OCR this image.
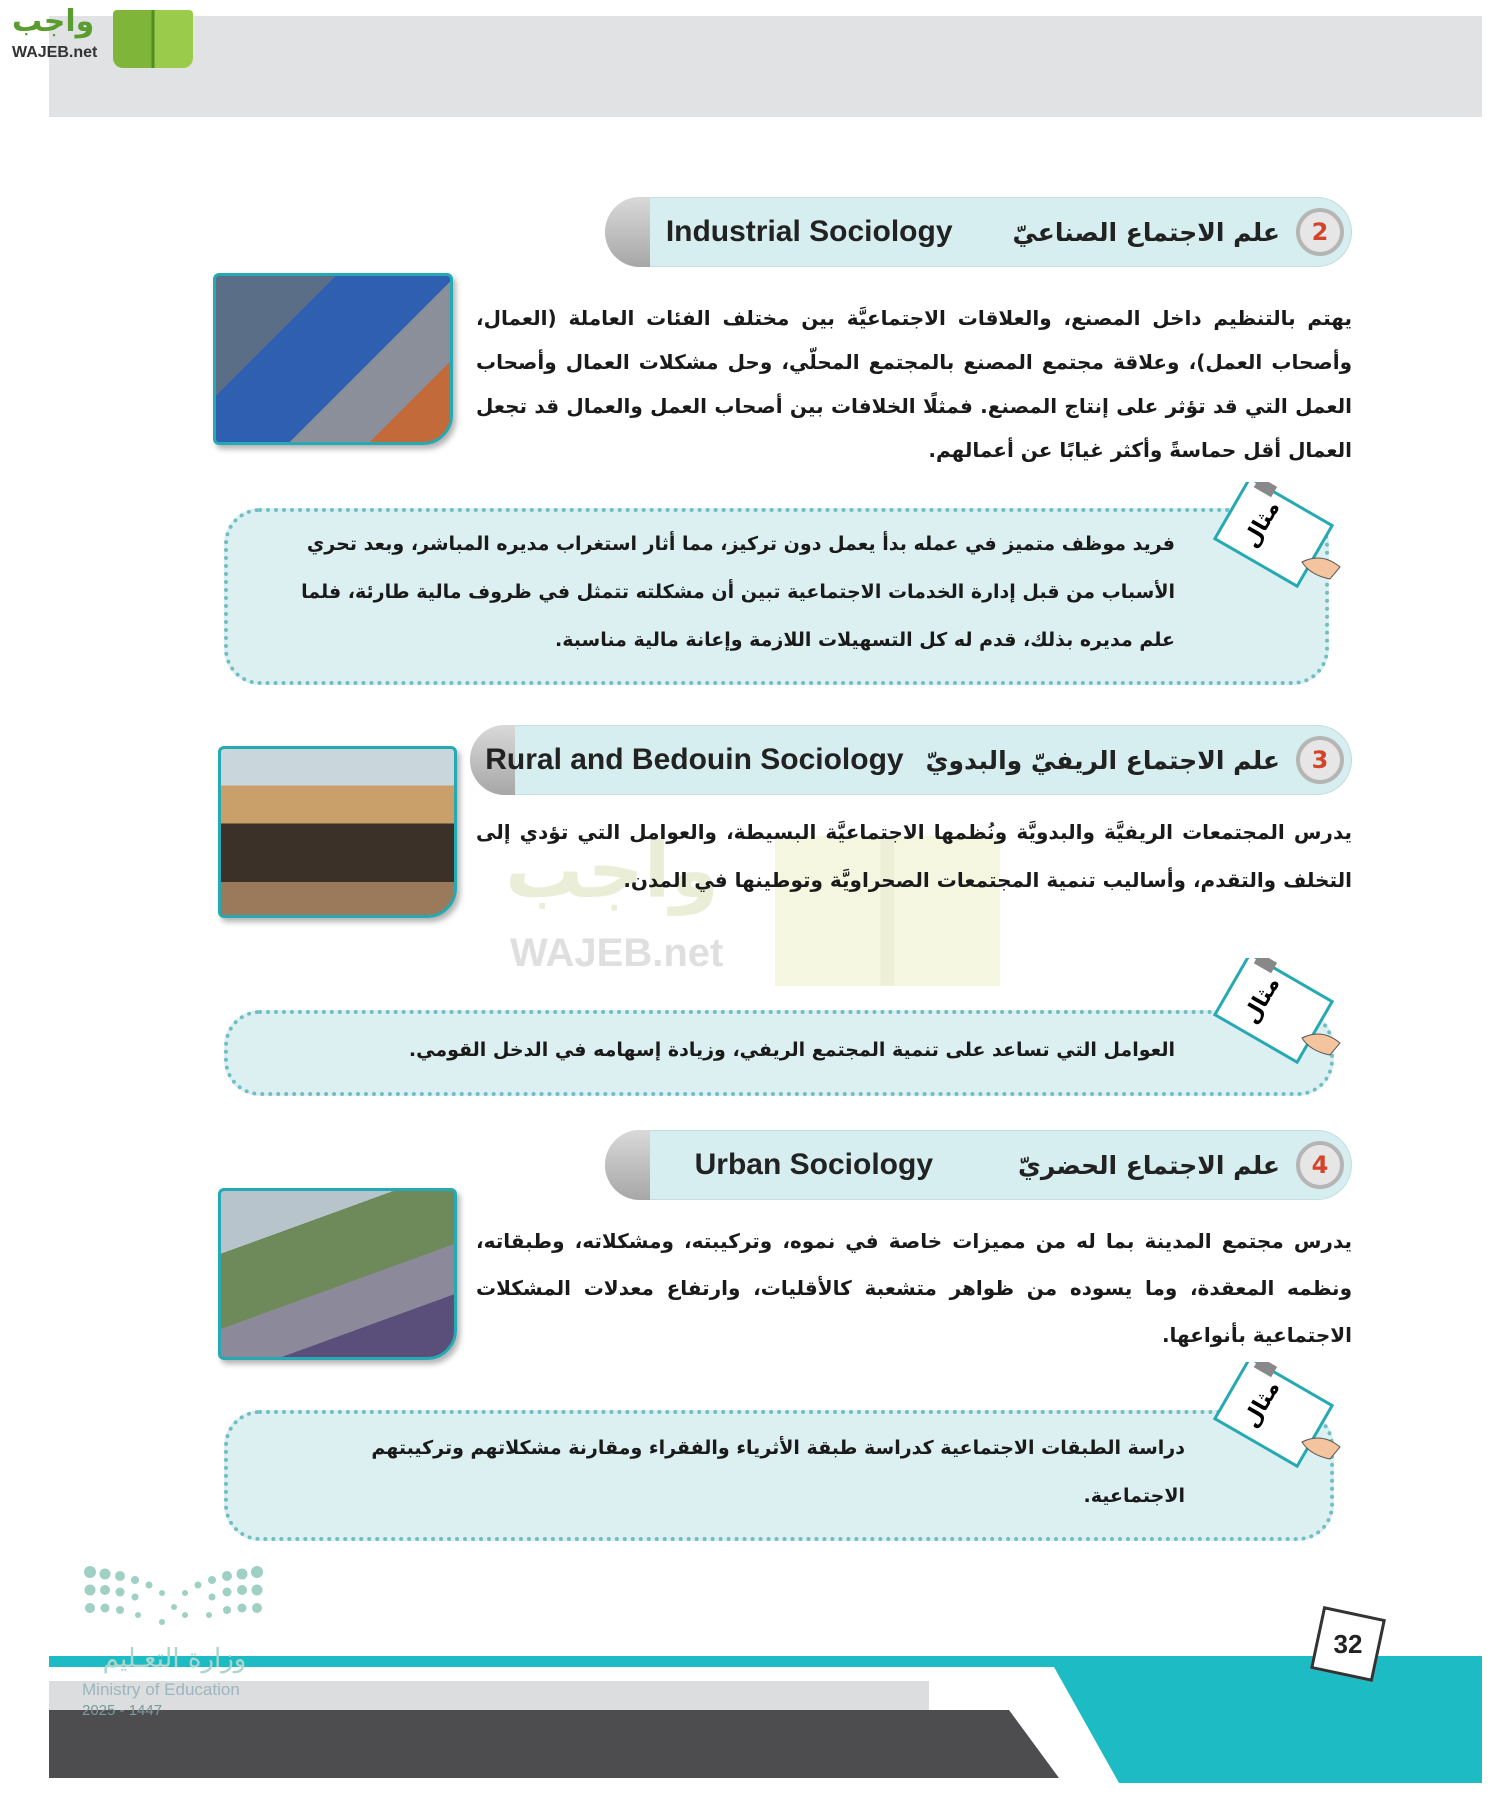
واجب
WAJEB.net
واجب
WAJEB.net
2
علم الاجتماع الصناعيّ
Industrial Sociology
يهتم بالتنظيم داخل المصنع، والعلاقات الاجتماعيَّة بين مختلف الفئات العاملة (العمال، وأصحاب العمل)، وعلاقة مجتمع المصنع بالمجتمع المحلّي، وحل مشكلات العمال وأصحاب العمل التي قد تؤثر على إنتاج المصنع. فمثلًا الخلافات بين أصحاب العمل والعمال قد تجعل العمال أقل حماسةً وأكثر غيابًا عن أعمالهم.
فريد موظف متميز في عمله بدأ يعمل دون تركيز، مما أثار استغراب مديره المباشر، وبعد تحري الأسباب من قبل إدارة الخدمات الاجتماعية تبين أن مشكلته تتمثل في ظروف مالية طارئة، فلما علم مديره بذلك، قدم له كل التسهيلات اللازمة وإعانة مالية مناسبة.
3
علم الاجتماع الريفيّ والبدويّ
Rural and Bedouin Sociology
يدرس المجتمعات الريفيَّة والبدويَّة ونُظمها الاجتماعيَّة البسيطة، والعوامل التي تؤدي إلى التخلف والتقدم، وأساليب تنمية المجتمعات الصحراويَّة وتوطينها في المدن.
العوامل التي تساعد على تنمية المجتمع الريفي، وزيادة إسهامه في الدخل القومي.
4
علم الاجتماع الحضريّ
Urban Sociology
يدرس مجتمع المدينة بما له من مميزات خاصة في نموه، وتركيبته، ومشكلاته، وطبقاته، ونظمه المعقدة، وما يسوده من ظواهر متشعبة كالأقليات، وارتفاع معدلات المشكلات الاجتماعية بأنواعها.
دراسة الطبقات الاجتماعية كدراسة طبقة الأثرياء والفقراء ومقارنة مشكلاتهم وتركيبتهم الاجتماعية.
مثال
مثال
مثال
وزارة التعـليم
Ministry of Education
2025 - 1447
32
